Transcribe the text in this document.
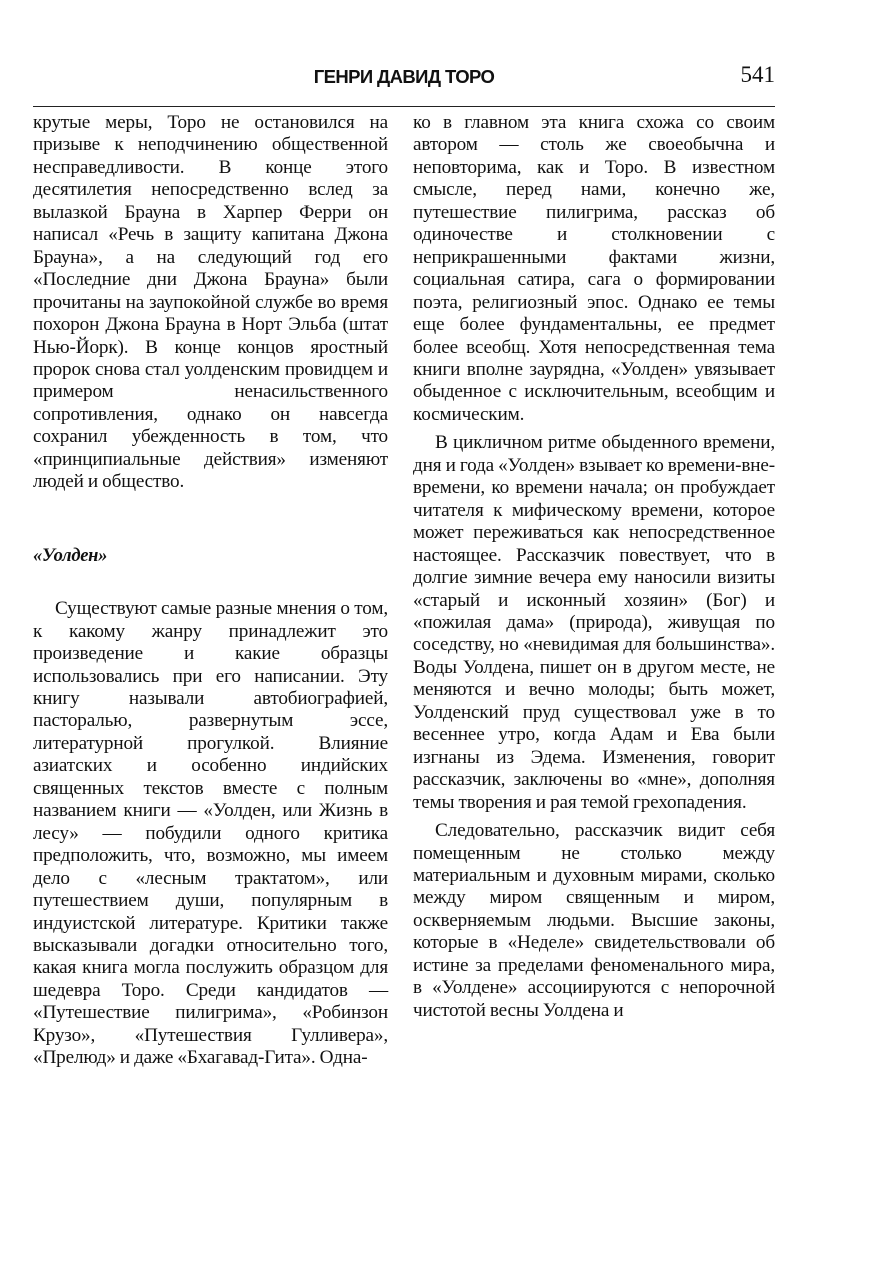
ГЕНРИ ДАВИД ТОРО	541

крутые меры, Торо не остановился на призыве к неподчинению общественной несправедливости. В конце этого десятилетия непосредственно вслед за вылазкой Брауна в Харпер Ферри он написал «Речь в защиту капитана Джона Брауна», а на следующий год его «Последние дни Джона Брауна» были прочитаны на заупокойной службе во время похорон Джона Брауна в Норт Эльба (штат Нью-Йорк). В конце концов яростный пророк снова стал уолденским провидцем и примером ненасильственного сопротивления, однако он навсегда сохранил убежденность в том, что «принципиальные действия» изменяют людей и общество.

«Уолден»

Существуют самые разные мнения о том, к какому жанру принадлежит это произведение и какие образцы использовались при его написании. Эту книгу называли автобиографией, пасторалью, развернутым эссе, литературной прогулкой. Влияние азиатских и особенно индийских священных текстов вместе с полным названием книги — «Уолден, или Жизнь в лесу» — побудили одного критика предположить, что, возможно, мы имеем дело с «лесным трактатом», или путешествием души, популярным в индуистской литературе. Критики также высказывали догадки относительно того, какая книга могла послужить образцом для шедевра Торо. Среди кандидатов — «Путешествие пилигрима», «Робинзон Крузо», «Путешествия Гулливера», «Прелюд» и даже «Бхагавад-Гита». Одна-

ко в главном эта книга схожа со своим автором — столь же своеобычна и неповторима, как и Торо. В известном смысле, перед нами, конечно же, путешествие пилигрима, рассказ об одиночестве и столкновении с неприкрашенными фактами жизни, социальная сатира, сага о формировании поэта, религиозный эпос. Однако ее темы еще более фундаментальны, ее предмет более всеобщ. Хотя непосредственная тема книги вполне заурядна, «Уолден» увязывает обыденное с исключительным, всеобщим и космическим.

В цикличном ритме обыденного времени, дня и года «Уолден» взывает ко времени-вне-времени, ко времени начала; он пробуждает читателя к мифическому времени, которое может переживаться как непосредственное настоящее. Рассказчик повествует, что в долгие зимние вечера ему наносили визиты «старый и исконный хозяин» (Бог) и «пожилая дама» (природа), живущая по соседству, но «невидимая для большинства». Воды Уолдена, пишет он в другом месте, не меняются и вечно молоды; быть может, Уолденский пруд существовал уже в то весеннее утро, когда Адам и Ева были изгнаны из Эдема. Изменения, говорит рассказчик, заключены во «мне», дополняя темы творения и рая темой грехопадения.

Следовательно, рассказчик видит себя помещенным не столько между материальным и духовным мирами, сколько между миром священным и миром, оскверняемым людьми. Высшие законы, которые в «Неделе» свидетельствовали об истине за пределами феноменального мира, в «Уолдене» ассоциируются с непорочной чистотой весны Уолдена и
